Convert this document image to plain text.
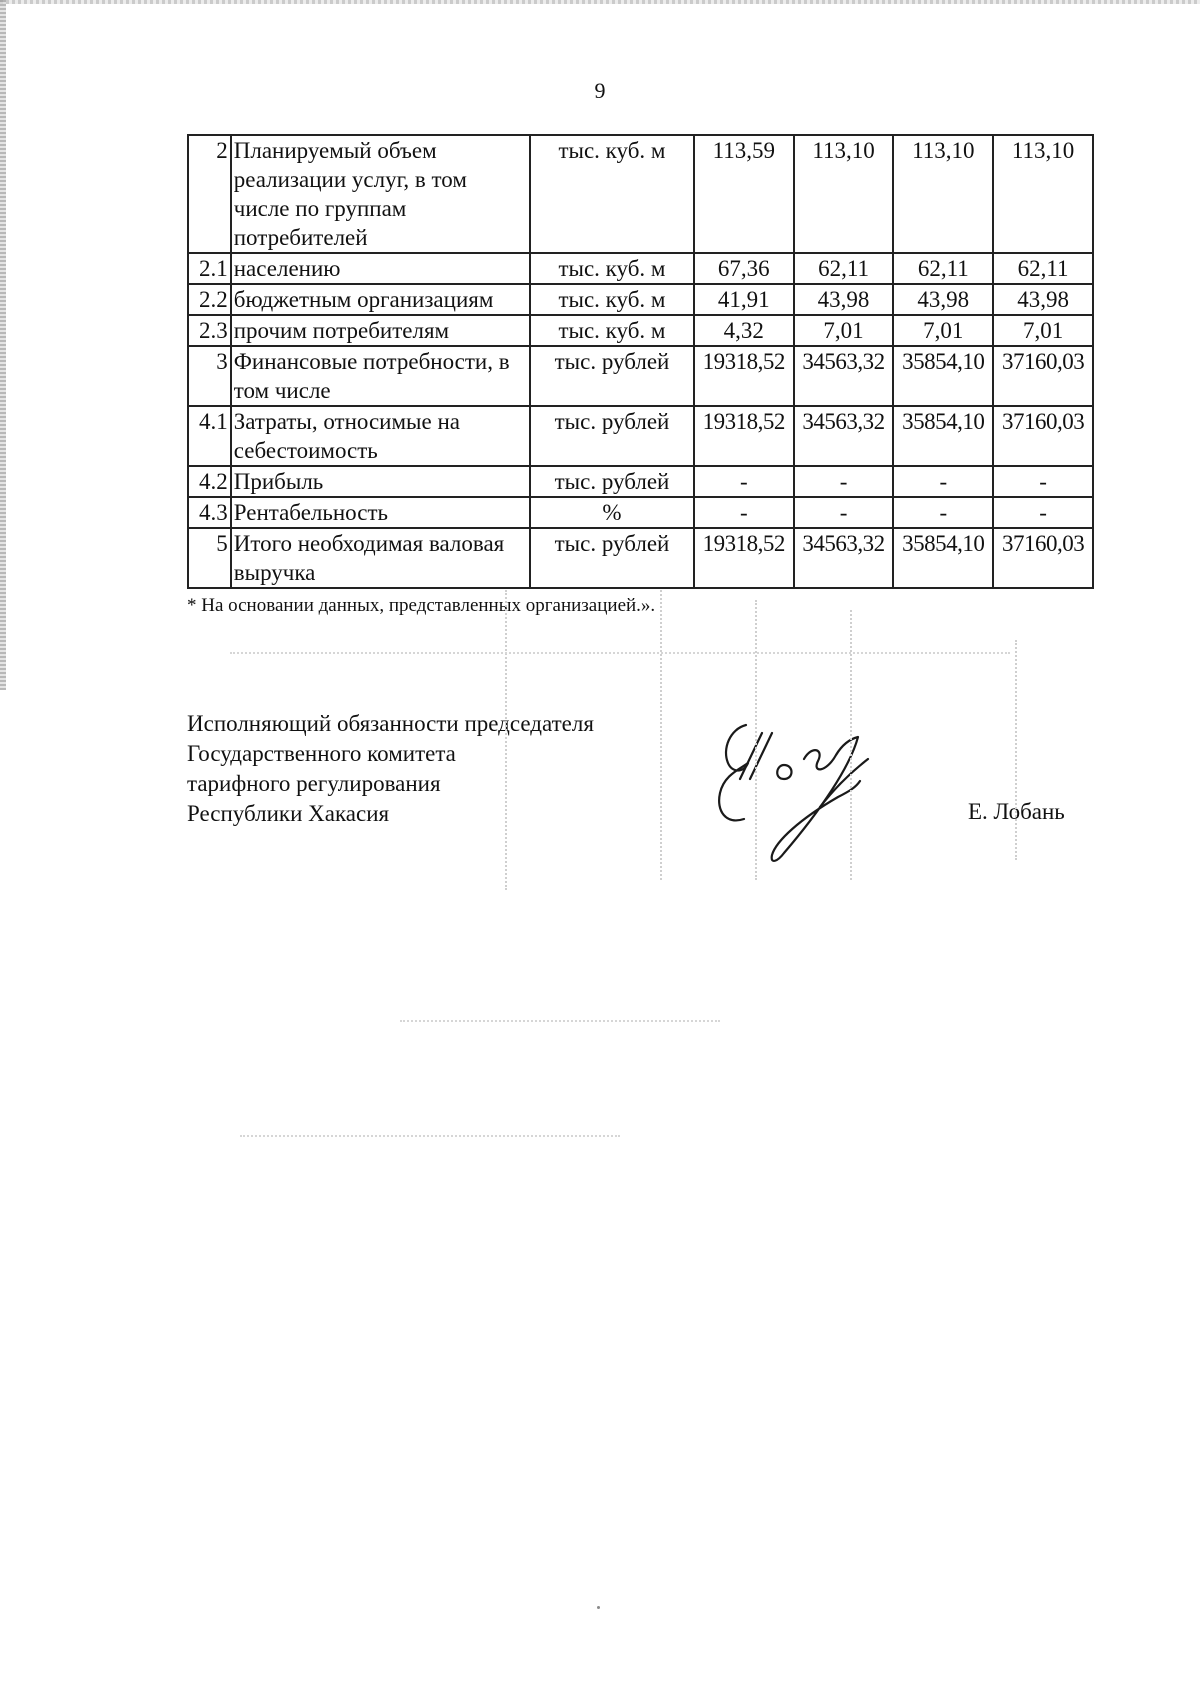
9
2	Планируемый объем реализации услуг, в том числе по группам потребителей	тыс. куб. м	113,59	113,10	113,10	113,10
2.1	населению	тыс. куб. м	67,36	62,11	62,11	62,11
2.2	бюджетным организациям	тыс. куб. м	41,91	43,98	43,98	43,98
2.3	прочим потребителям	тыс. куб. м	4,32	7,01	7,01	7,01
3	Финансовые потребности, в том числе	тыс. рублей	19318,52	34563,32	35854,10	37160,03
4.1	Затраты, относимые на себестоимость	тыс. рублей	19318,52	34563,32	35854,10	37160,03
4.2	Прибыль	тыс. рублей	-	-	-	-
4.3	Рентабельность	%	-	-	-	-
5	Итого необходимая валовая выручка	тыс. рублей	19318,52	34563,32	35854,10	37160,03
* На основании данных, представленных организацией.».
Исполняющий обязанности председателя
Государственного комитета
тарифного регулирования
Республики Хакасия	Е. Лобань
